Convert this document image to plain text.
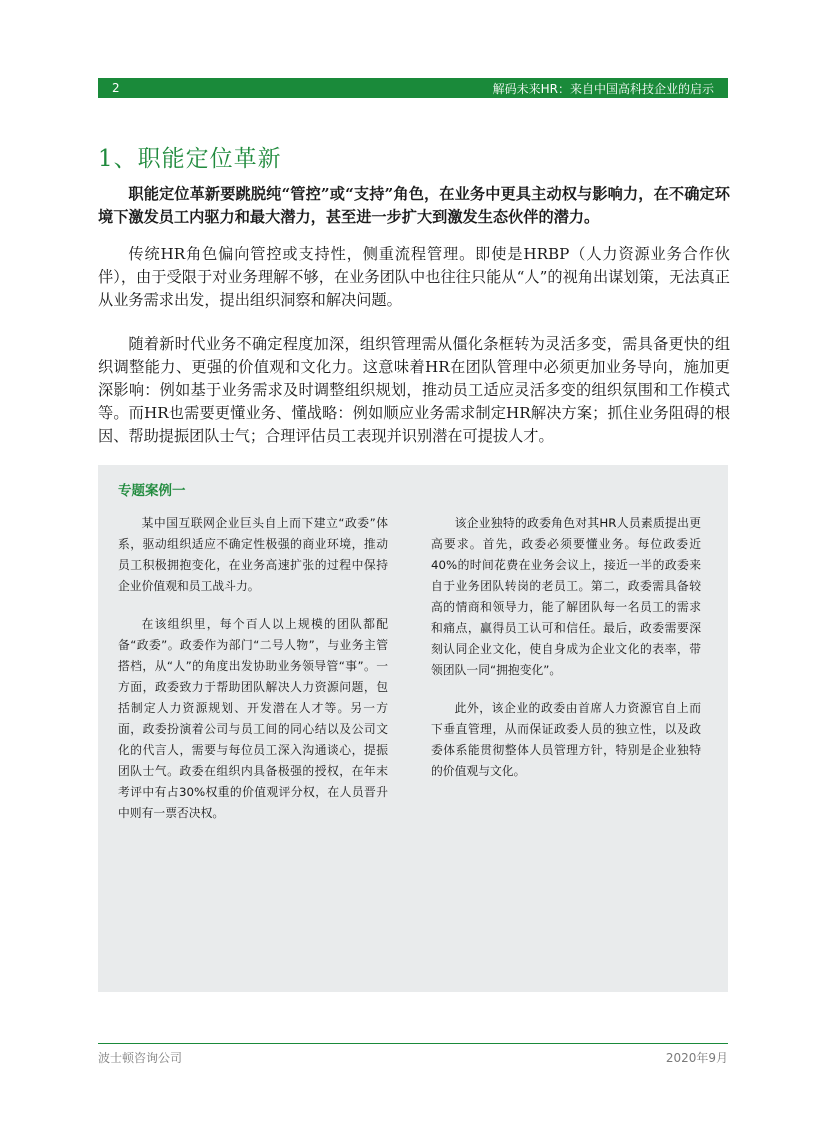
2	解码未来HR：来自中国高科技企业的启示
1、职能定位革新

职能定位革新要跳脱纯“管控”或“支持”角色，在业务中更具主动权与影响力，在不确定环境下激发员工内驱力和最大潜力，甚至进一步扩大到激发生态伙伴的潜力。

传统HR角色偏向管控或支持性，侧重流程管理。即使是HRBP（人力资源业务合作伙伴），由于受限于对业务理解不够，在业务团队中也往往只能从“人”的视角出谋划策，无法真正从业务需求出发，提出组织洞察和解决问题。

随着新时代业务不确定程度加深，组织管理需从僵化条框转为灵活多变，需具备更快的组织调整能力、更强的价值观和文化力。这意味着HR在团队管理中必须更加业务导向，施加更深影响：例如基于业务需求及时调整组织规划，推动员工适应灵活多变的组织氛围和工作模式等。而HR也需要更懂业务、懂战略：例如顺应业务需求制定HR解决方案；抓住业务阻碍的根因、帮助提振团队士气；合理评估员工表现并识别潜在可提拔人才。

专题案例一

某中国互联网企业巨头自上而下建立“政委”体系，驱动组织适应不确定性极强的商业环境，推动员工积极拥抱变化，在业务高速扩张的过程中保持企业价值观和员工战斗力。

在该组织里，每个百人以上规模的团队都配备“政委”。政委作为部门“二号人物”，与业务主管搭档，从“人”的角度出发协助业务领导管“事”。一方面，政委致力于帮助团队解决人力资源问题，包括制定人力资源规划、开发潜在人才等。另一方面，政委扮演着公司与员工间的同心结以及公司文化的代言人，需要与每位员工深入沟通谈心，提振团队士气。政委在组织内具备极强的授权，在年末考评中有占30%权重的价值观评分权，在人员晋升中则有一票否决权。

该企业独特的政委角色对其HR人员素质提出更高要求。首先，政委必须要懂业务。每位政委近40%的时间花费在业务会议上，接近一半的政委来自于业务团队转岗的老员工。第二，政委需具备较高的情商和领导力，能了解团队每一名员工的需求和痛点，赢得员工认可和信任。最后，政委需要深刻认同企业文化，使自身成为企业文化的表率，带领团队一同“拥抱变化”。

此外，该企业的政委由首席人力资源官自上而下垂直管理，从而保证政委人员的独立性，以及政委体系能贯彻整体人员管理方针，特别是企业独特的价值观与文化。

波士顿咨询公司	2020年9月
